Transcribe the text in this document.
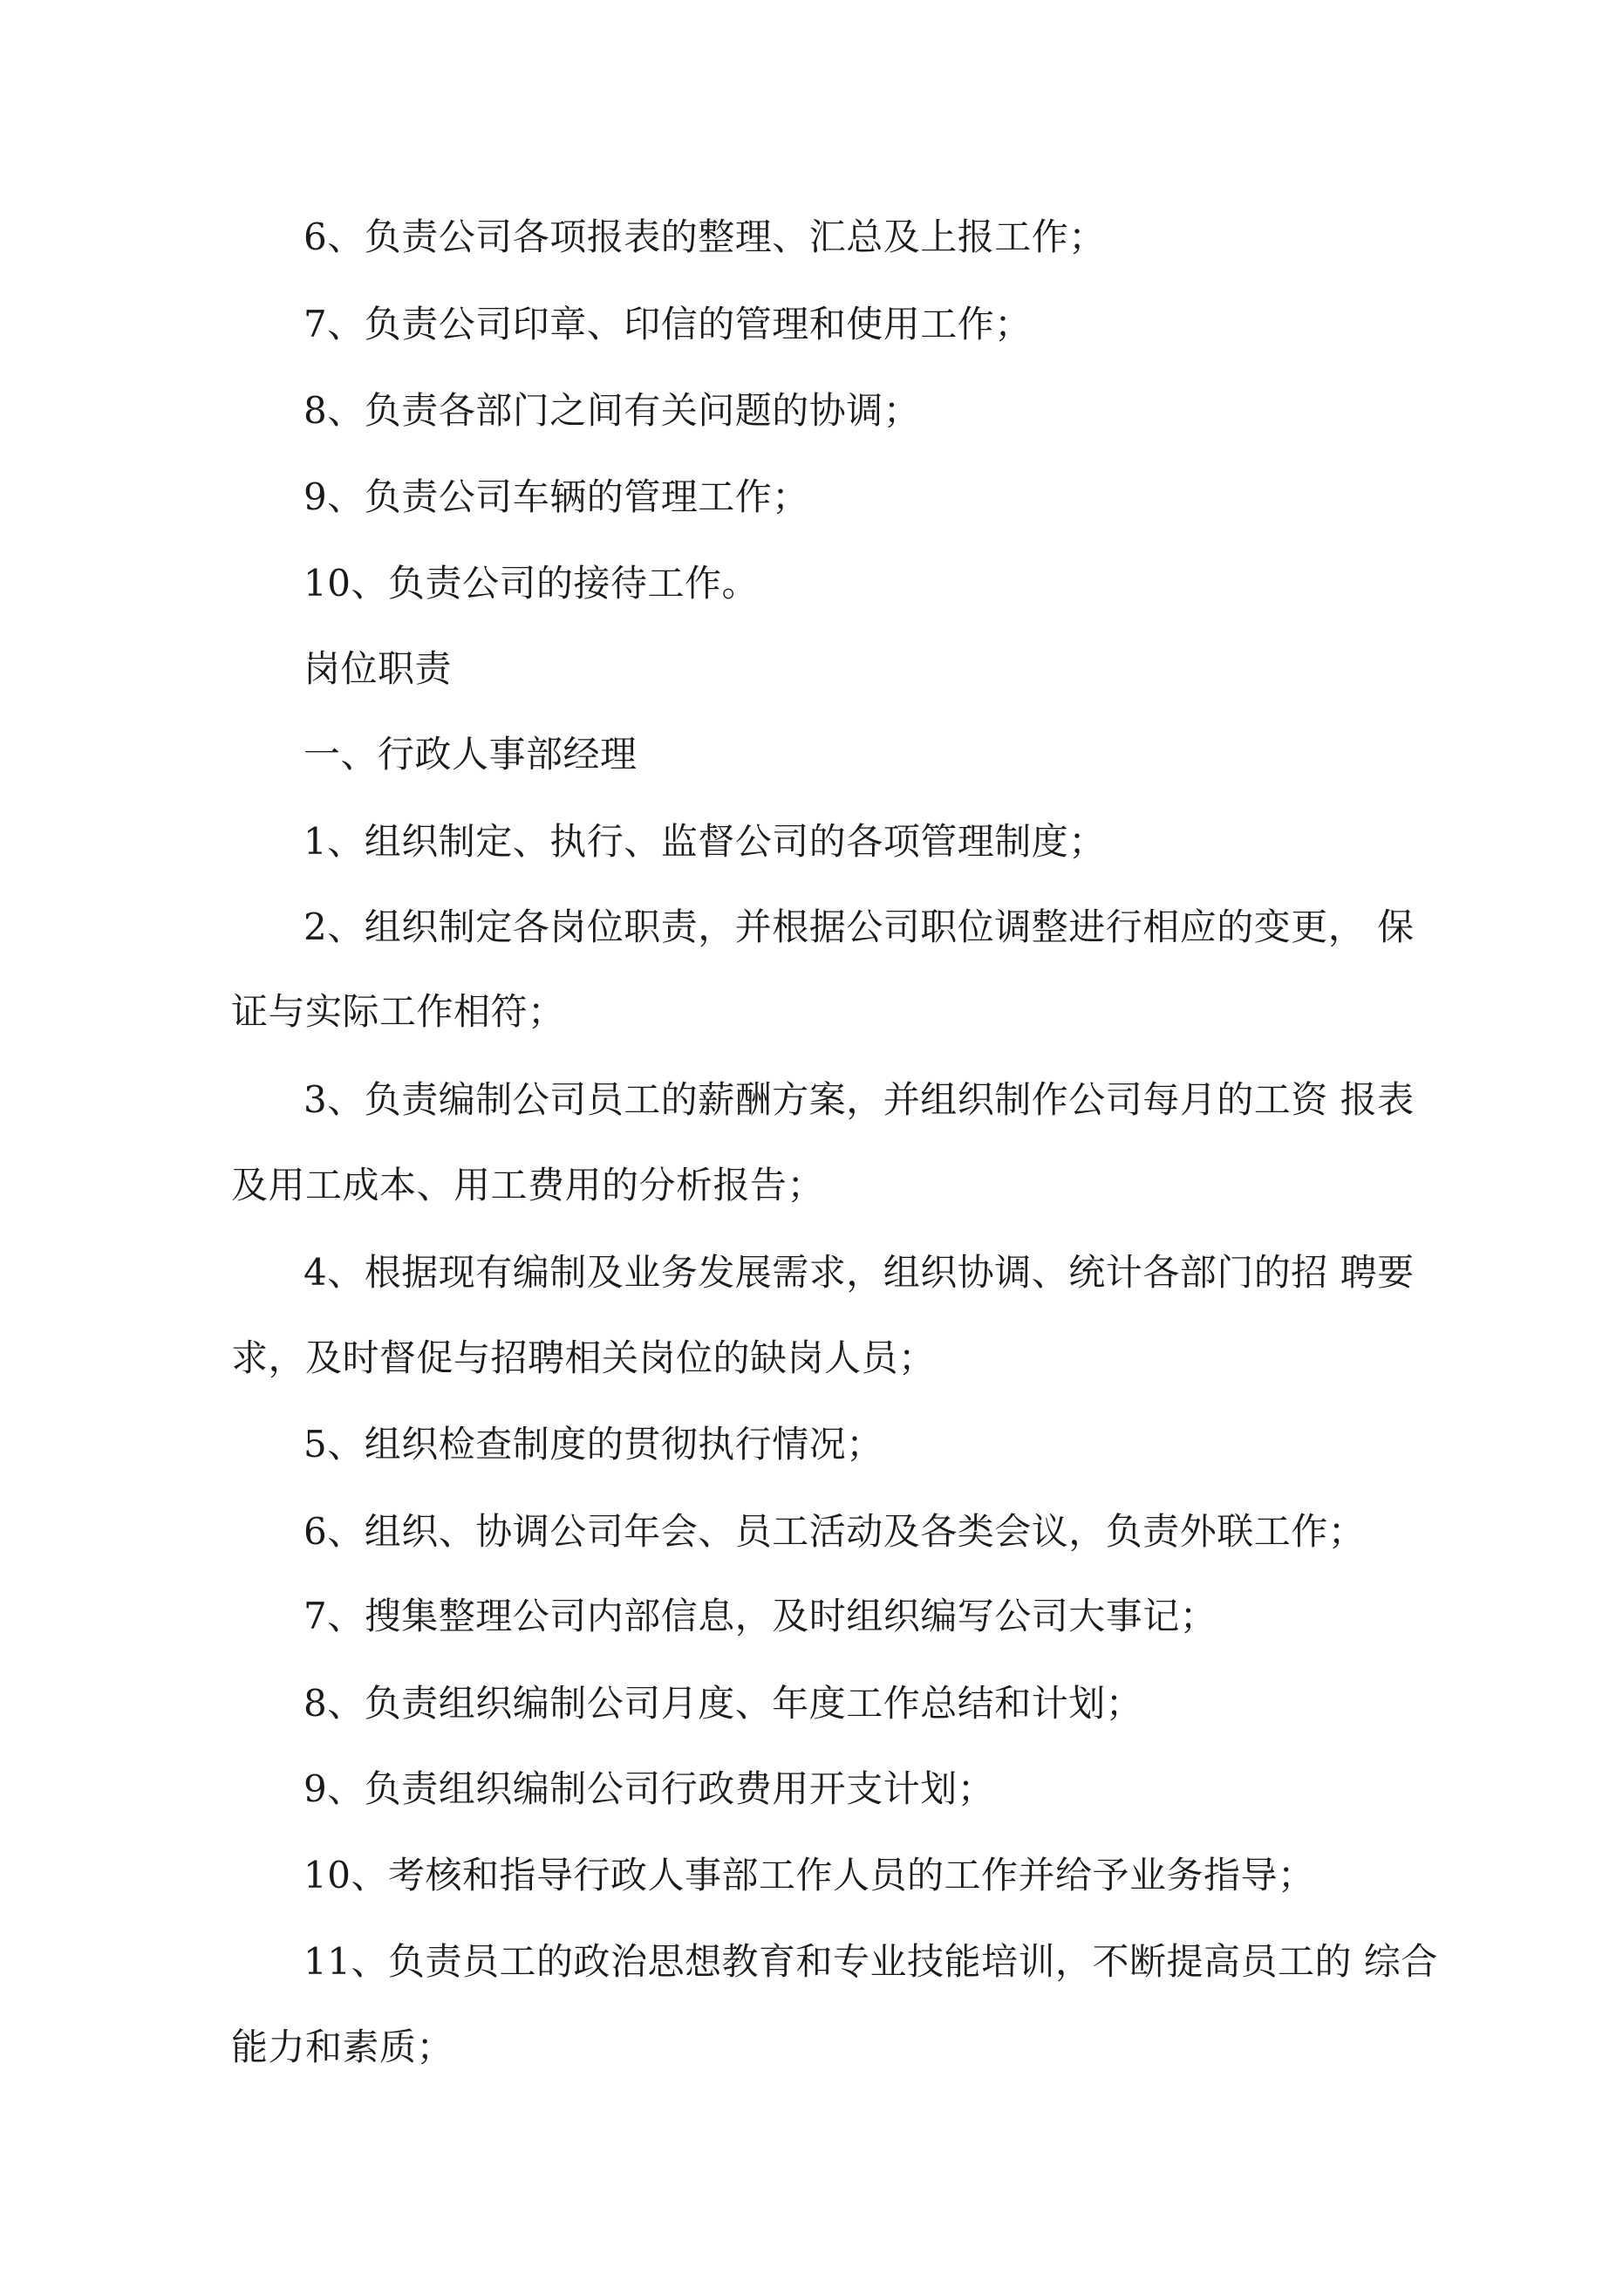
6、负责公司各项报表的整理、汇总及上报工作；
7、负责公司印章、印信的管理和使用工作；
8、负责各部门之间有关问题的协调；
9、负责公司车辆的管理工作；
10、负责公司的接待工作。
岗位职责
一、行政人事部经理
1、组织制定、执行、监督公司的各项管理制度；
2、组织制定各岗位职责，并根据公司职位调整进行相应的变更， 保
证与实际工作相符；
3、负责编制公司员工的薪酬方案，并组织制作公司每月的工资 报表
及用工成本、用工费用的分析报告；
4、根据现有编制及业务发展需求，组织协调、统计各部门的招 聘要
求，及时督促与招聘相关岗位的缺岗人员；
5、组织检查制度的贯彻执行情况；
6、组织、协调公司年会、员工活动及各类会议，负责外联工作；
7、搜集整理公司内部信息，及时组织编写公司大事记；
8、负责组织编制公司月度、年度工作总结和计划；
9、负责组织编制公司行政费用开支计划；
10、考核和指导行政人事部工作人员的工作并给予业务指导；
11、负责员工的政治思想教育和专业技能培训，不断提高员工的 综合
能力和素质；
